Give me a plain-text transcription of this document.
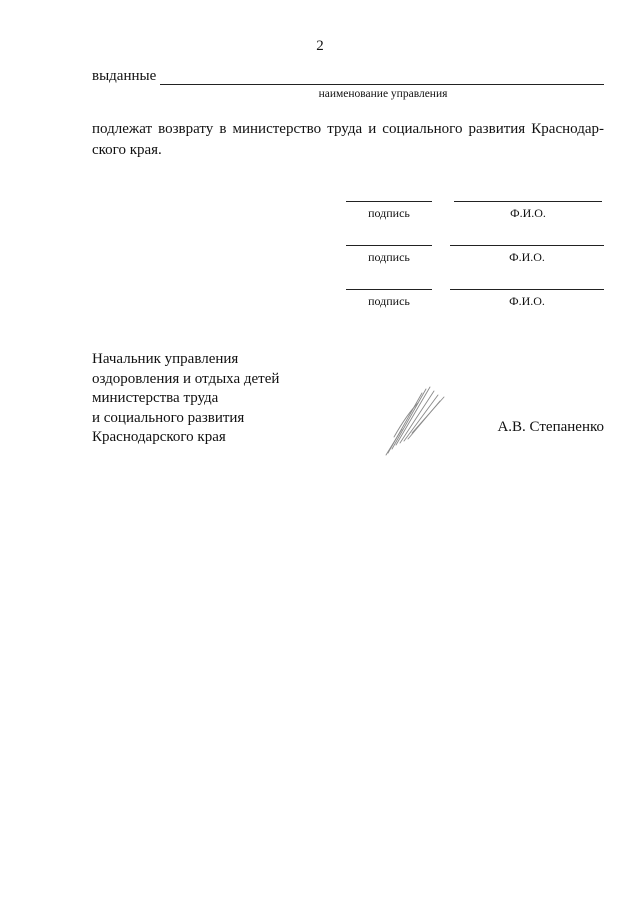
2
выданные
наименование управления
подлежат возврату в министерство труда и социального развития Краснодарского края.
подпись	Ф.И.О.
подпись	Ф.И.О.
подпись	Ф.И.О.
Начальник управления
оздоровления и отдыха детей
министерства труда
и социального развития
Краснодарского края
А.В. Степаненко
